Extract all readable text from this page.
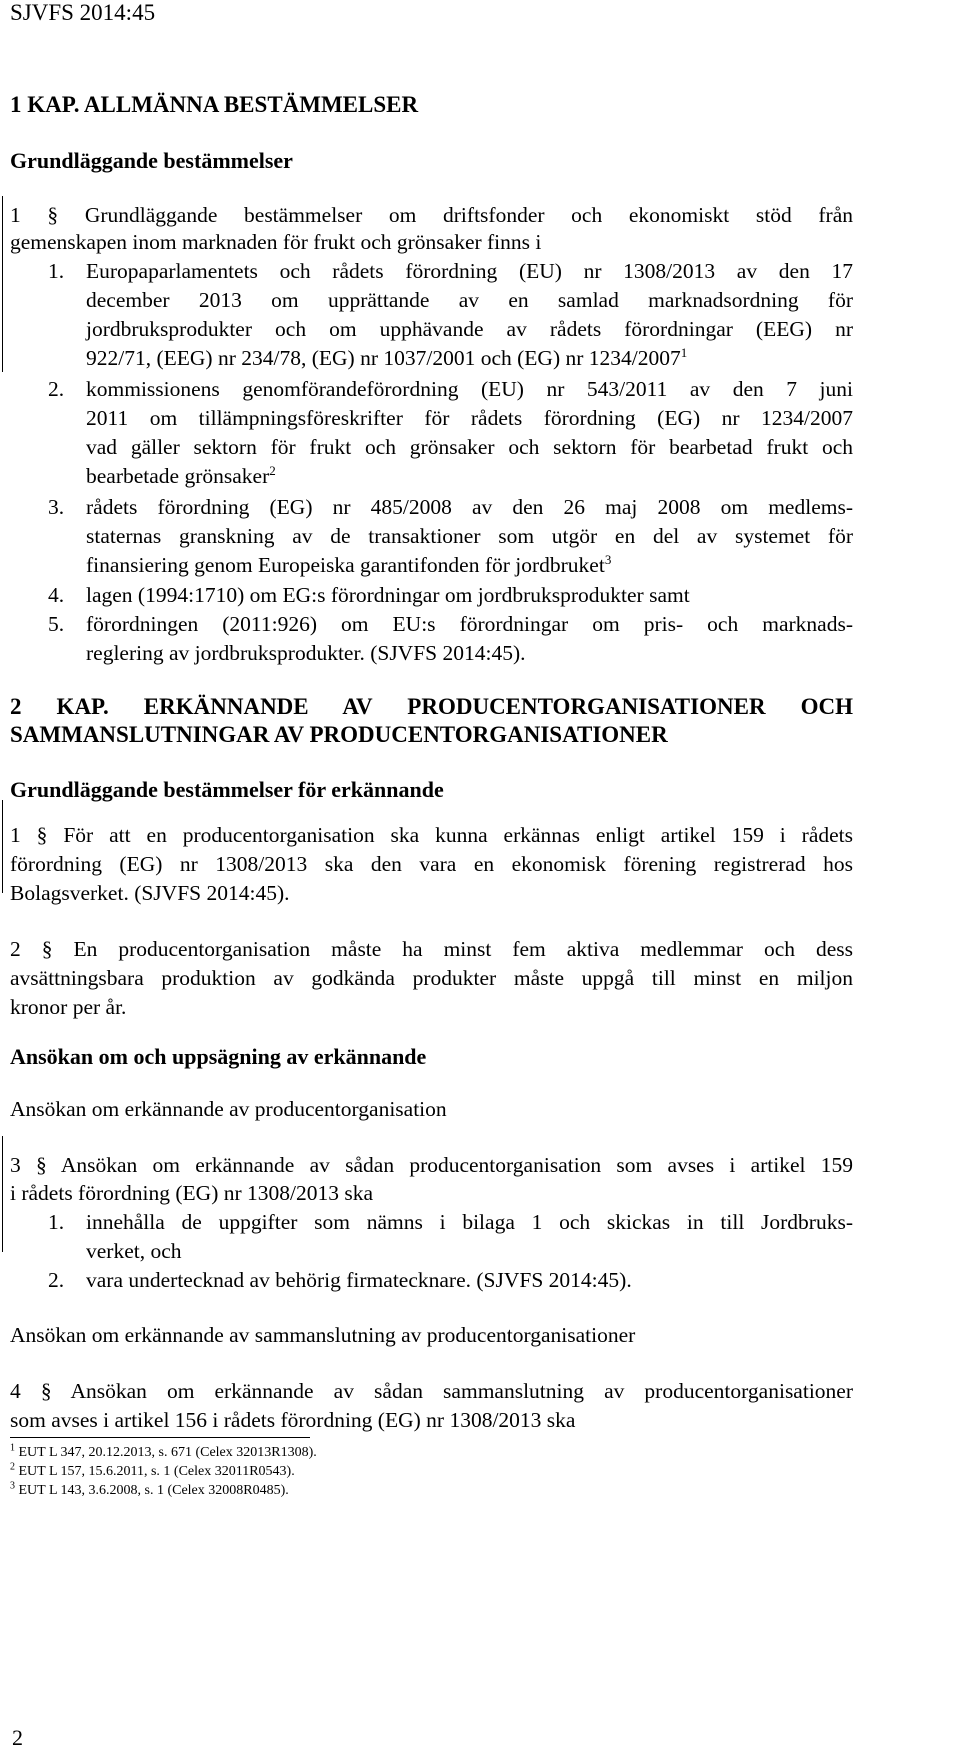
SJVFS 2014:45
1 KAP. ALLMÄNNA BESTÄMMELSER
Grundläggande bestämmelser
1 § Grundläggande bestämmelser om driftsfonder och ekonomiskt stöd från
gemenskapen inom marknaden för frukt och grönsaker finns i
1. Europaparlamentets och rådets förordning (EU) nr 1308/2013 av den 17
december 2013 om upprättande av en samlad marknadsordning för
jordbruksprodukter och om upphävande av rådets förordningar (EEG) nr
922/71, (EEG) nr 234/78, (EG) nr 1037/2001 och (EG) nr 1234/2007$^1$
2. kommissionens genomförandeförordning (EU) nr 543/2011 av den 7 juni
2011 om tillämpningsföreskrifter för rådets förordning (EG) nr 1234/2007
vad gäller sektorn för frukt och grönsaker och sektorn för bearbetad frukt och
bearbetade grönsaker$^2$
3. rådets förordning (EG) nr 485/2008 av den 26 maj 2008 om medlems-
staternas granskning av de transaktioner som utgör en del av systemet för
finansiering genom Europeiska garantifonden för jordbruket$^3$
4. lagen (1994:1710) om EG:s förordningar om jordbruksprodukter samt
5. förordningen (2011:926) om EU:s förordningar om pris- och marknads-
reglering av jordbruksprodukter. (SJVFS 2014:45).
2 KAP. ERKÄNNANDE AV PRODUCENTORGANISATIONER OCH
SAMMANSLUTNINGAR AV PRODUCENTORGANISATIONER
Grundläggande bestämmelser för erkännande
1 § För att en producentorganisation ska kunna erkännas enligt artikel 159 i rådets
förordning (EG) nr 1308/2013 ska den vara en ekonomisk förening registrerad hos
Bolagsverket. (SJVFS 2014:45).
2 § En producentorganisation måste ha minst fem aktiva medlemmar och dess
avsättningsbara produktion av godkända produkter måste uppgå till minst en miljon
kronor per år.
Ansökan om och uppsägning av erkännande
Ansökan om erkännande av producentorganisation
3 § Ansökan om erkännande av sådan producentorganisation som avses i artikel 159
i rådets förordning (EG) nr 1308/2013 ska
1. innehålla de uppgifter som nämns i bilaga 1 och skickas in till Jordbruks-
verket, och
2. vara undertecknad av behörig firmatecknare. (SJVFS 2014:45).
Ansökan om erkännande av sammanslutning av producentorganisationer
4 § Ansökan om erkännande av sådan sammanslutning av producentorganisationer
som avses i artikel 156 i rådets förordning (EG) nr 1308/2013 ska
$^1$ EUT L 347, 20.12.2013, s. 671 (Celex 32013R1308).
$^2$ EUT L 157, 15.6.2011, s. 1 (Celex 32011R0543).
$^3$ EUT L 143, 3.6.2008, s. 1 (Celex 32008R0485).
2
